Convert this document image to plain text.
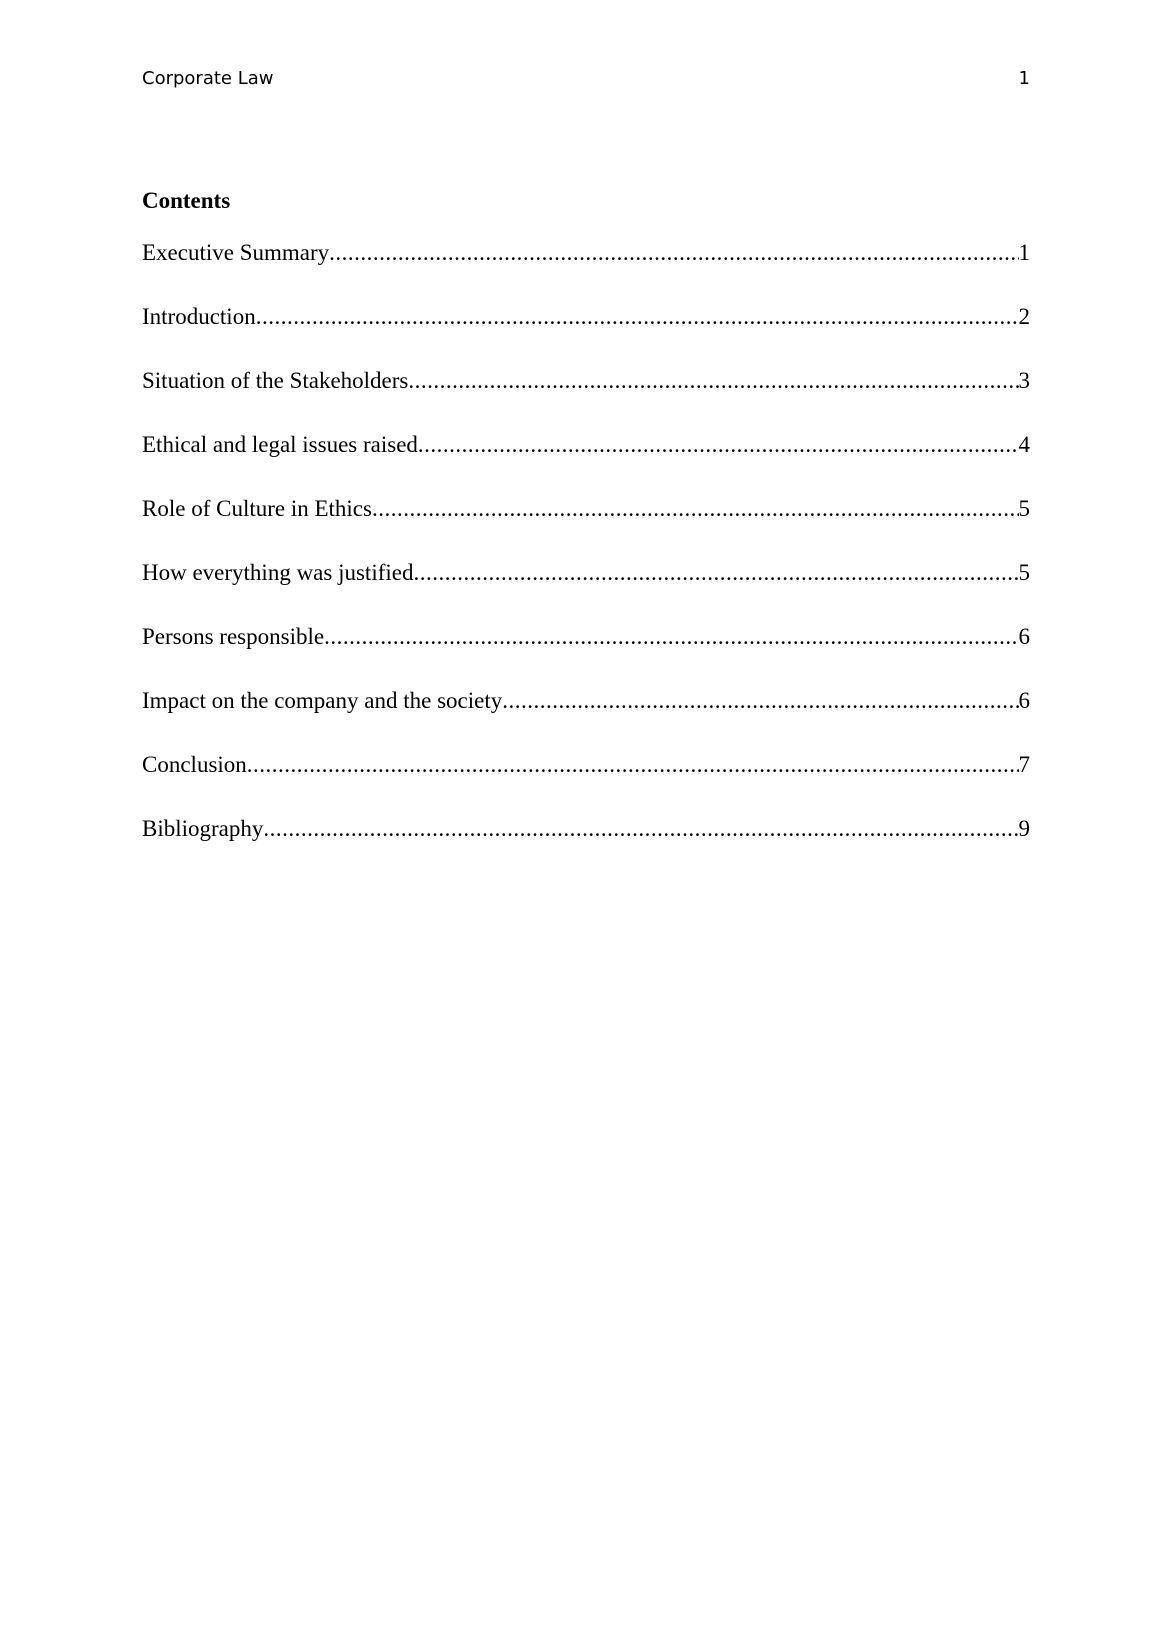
Corporate Law	1
Contents
Executive Summary .....	1
Introduction .....	2
Situation of the Stakeholders .....	3
Ethical and legal issues raised .....	4
Role of Culture in Ethics .....	5
How everything was justified .....	5
Persons responsible .....	6
Impact on the company and the society .....	6
Conclusion .....	7
Bibliography .....	9
